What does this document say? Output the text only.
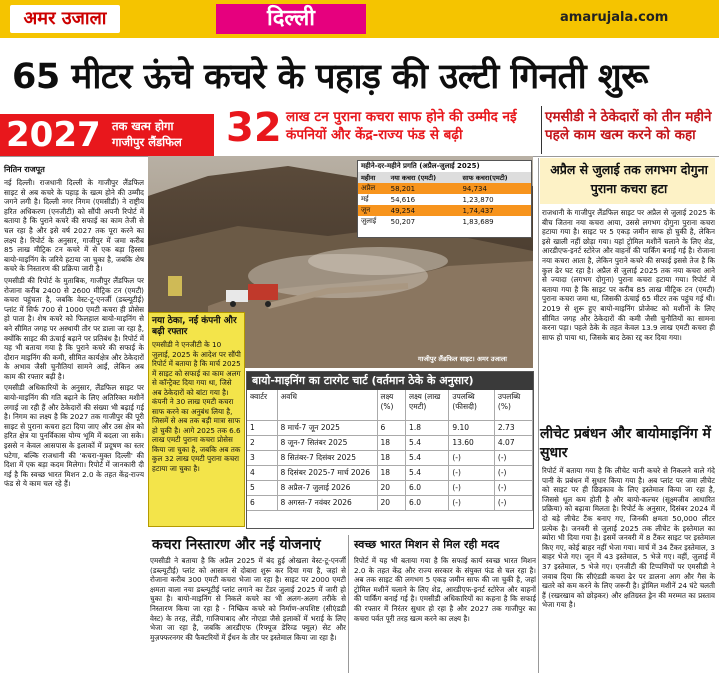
अमर उजाला	दिल्ली	amarujala.com
65 मीटर ऊंचे कचरे के पहाड़ की उल्टी गिनती शुरू
2027 तक खत्म होगा
गाजीपुर लैंडफिल 32 लाख टन पुराना कचरा साफ होने की उम्मीद नई कंपनियों और केंद्र-राज्य फंड से बढ़ी
एमसीडी ने ठेकेदारों को तीन महीने पहले काम खत्म करने को कहा
नितिन राजपूत

नई दिल्ली। राजधानी दिल्ली के गाजीपुर लैंडफिल साइट से अब कचरे के पहाड़ के खत्म होने की उम्मीद जगने लगी है। दिल्ली नगर निगम (एमसीडी) ने राष्ट्रीय हरित अधिकरण (एनजीटी) को सौंपी अपनी रिपोर्ट में बताया है कि पुराने कचरे की सफाई का काम तेजी से चल रहा है और इसे वर्ष 2027 तक पूरा करने का लक्ष्य है। रिपोर्ट के अनुसार, गाजीपुर में जमा करीब 85 लाख मीट्रिक टन कचरे में से एक बड़ा हिस्सा बायो-माइनिंग के जरिये हटाया जा चुका है, जबकि शेष कचरे के निस्तारण की प्रक्रिया जारी है।

एमसीडी की रिपोर्ट के मुताबिक, गाजीपुर लैंडफिल पर रोजाना करीब 2400 से 2600 मीट्रिक टन (एमटी) कचरा पहुंचता है, जबकि वेस्ट-टू-एनर्जी (डब्ल्यूटीई) प्लांट में सिर्फ 700 से 1000 एमटी कचरा ही प्रोसेस हो पाता है। शेष कचरे को फिलहाल बायो-माइनिंग से बने सीमित जगह पर अस्थायी तौर पर डाला जा रहा है, क्योंकि साइट की ऊंचाई बढ़ाने पर प्रतिबंध है। रिपोर्ट में यह भी बताया गया है कि पुराने कचरे की सफाई के दौरान माइनिंग की कमी, सीमित कार्यक्षेत्र और ठेकेदारों के अभाव जैसी चुनौतियां सामने आईं, लेकिन अब काम की रफ्तार बढ़ी है।

एमसीडी अधिकारियों के अनुसार, लैंडफिल साइट पर बायो-माइनिंग की गति बढ़ाने के लिए अतिरिक्त मशीनें लगाई जा रही हैं और ठेकेदारों की संख्या भी बढ़ाई गई है। निगम का लक्ष्य है कि 2027 तक गाजीपुर की पूरी साइट से पुराना कचरा हटा दिया जाए और उस क्षेत्र को हरित क्षेत्र या पुनर्विकास योग्य भूमि में बदला जा सके। इससे न केवल आसपास के इलाकों में प्रदूषण का स्तर घटेगा, बल्कि राजधानी की 'कचरा-मुक्त दिल्ली' की दिशा में एक बड़ा कदम मिलेगा। रिपोर्ट में जानकारी दी गई है कि स्वच्छ भारत मिशन 2.0 के तहत केंद्र-राज्य फंड से ये काम चल रहे हैं।

गाजीपुर लैंडफिल साइट। अमर उजाला
महीने-दर-महीने प्रगति (अप्रैल-जुलाई 2025)
महीना	नया कचरा (एमटी)	साफ कचरा(एमटी)
अप्रैल	58,201	94,734
मई	54,616	1,23,870
जून	49,254	1,74,437
जुलाई	50,207	1,83,689
नया ठेका, नई कंपनी और बढ़ी रफ्तार
एमसीडी ने एनजीटी के 10 जुलाई, 2025 के आदेश पर सौंपी रिपोर्ट में बताया है कि मार्च 2025 में साइट को सफाई का काम अलग से कॉन्ट्रैक्ट दिया गया था, जिसे अब ठेकेदारों को बांटा गया है। कंपनी ने 30 लाख एमटी कचरा साफ करने का अनुबंध लिया है, जिसमें से अब तक बड़ी मात्रा साफ हो चुकी है। आगे 2025 तक 6.6 लाख एमटी पुराना कचरा प्रोसेस किया जा चुका है, जबकि अब तक कुल 32 लाख एमटी पुराना कचरा हटाया जा चुका है।
बायो-माइनिंग का टारगेट चार्ट (वर्तमान ठेके के अनुसार)
क्वार्टर	अवधि	लक्ष्य (%)	लक्ष्य (लाख एमटी)	उपलब्धि (फीसदी)	उपलब्धि (%)
1	8 मार्च-7 जून 2025	6	1.8	9.10	2.73
2	8 जून-7 सितंबर 2025	18	5.4	13.60	4.07
3	8 सितंबर-7 दिसंबर 2025	18	5.4	(-)	(-)
4	8 दिसंबर 2025-7 मार्च 2026	18	5.4	(-)	(-)
5	8 अप्रैल-7 जुलाई 2026	20	6.0	(-)	(-)
6	8 अगस्त-7 नवंबर 2026	20	6.0	(-)	(-)
कचरा निस्तारण और नई योजनाएं
एमसीडी ने बताया है कि अप्रैल 2025 में बंद हुई ओखला वेस्ट-टू-एनर्जी (डब्ल्यूटीई) प्लांट को आसान से दोबारा शुरू कर दिया गया है, जहां से रोजाना करीब 300 एमटी कचरा भेजा जा रहा है। साइट पर 2000 एमटी क्षमता वाला नया डब्ल्यूटीई प्लांट लगाने का टेंडर जुलाई 2025 में जारी हो चुका है। बायो-माइनिंग से निकले कचरे का भी अलग-अलग तरीके से निस्तारण किया जा रहा है - निष्क्रिय कचरे को निर्माण-अपशिष्ट (सीएंडडी वेस्ट) के तरह, लेंडी, गाजियाबाद और नोएडा जैसे इलाकों में भराई के लिए भेजा जा रहा है, जबकि आरडीएफ (रिफ्यूज डेरिव्ड फ्यूल) सेट और मुज़फ्फरनगर की फैक्टरियों में ईंधन के तौर पर इस्तेमाल किया जा रहा है।
स्वच्छ भारत मिशन से मिल रही मदद
रिपोर्ट में यह भी बताया गया है कि सफाई कार्य स्वच्छ भारत मिशन 2.0 के तहत केंद्र और राज्य सरकार के संयुक्त फंड से चल रहा है। अब तक साइट की लगभग 5 एकड़ जमीन साफ की जा चुकी है, जहां ट्रोमिल मशीनें चलाने के लिए शेड, आरडीएफ-इनर्ट स्टोरेज और वाहनों की पार्किंग बनाई गई है। एमसीडी अधिकारियों का कहना है कि सफाई की रफ्तार में निरंतर सुधार हो रहा है और 2027 तक गाजीपुर का कचरा पर्वत पूरी तरह खत्म करने का लक्ष्य है।
अप्रैल से जुलाई तक लगभग दोगुना पुराना कचरा हटा
राजधानी के गाजीपुर लैंडफिल साइट पर अप्रैल से जुलाई 2025 के बीच जितना नया कचरा आया, उससे लगभग दोगुना पुराना कचरा हटाया गया है। साइट पर 5 एकड़ जमीन साफ हो चुकी है, लेकिन इसे खाली नहीं छोड़ा गया। यहां ट्रोमिल मशीनें चलाने के लिए शेड, आरडीएफ-इनर्ट स्टोरेज और वाहनों की पार्किंग बनाई गई है। रोजाना नया कचरा आता है, लेकिन पुराने कचरे की सफाई इससे तेज है कि कुल ढेर घट रहा है। अप्रैल से जुलाई 2025 तक नया कचरा आने से ज्यादा (लगभग दोगुना) पुराना कचरा हटाया गया। रिपोर्ट में बताया गया है कि साइट पर करीब 85 लाख मीट्रिक टन (एमटी) पुराना कचरा जमा था, जिसकी ऊंचाई 65 मीटर तक पहुंच गई थी। 2019 से शुरू हुए बायो-माइनिंग प्रोजेक्ट को मशीनों के लिए सीमित जगह और ठेकेदारों की कमी जैसी चुनौतियों का सामना करना पड़ा। पहले ठेके के तहत केवल 13.9 लाख एमटी कचरा ही साफ हो पाया था, जिसके बाद ठेका रद्द कर दिया गया।
लीचेट प्रबंधन और बायोमाइनिंग में सुधार
रिपोर्ट में बताया गया है कि लीचेट यानी कचरे से निकलने वाले गंदे पानी के प्रबंधन में सुधार किया गया है। अब प्लांट पर जमा लीचेट को साइट पर ही छिड़काव के लिए इस्तेमाल किया जा रहा है, जिससे धूल कम होती है और बायो-कल्चर (सूक्ष्मजीव आधारित प्रक्रिया) को बढ़ावा मिलता है। रिपोर्ट के अनुसार, दिसंबर 2024 में दो बड़े लीचेट टैंक बनाए गए, जिनकी क्षमता 50,000 लीटर प्रत्येक है। जनवरी से जुलाई 2025 तक लीचेट के इस्तेमाल का ब्योरा भी दिया गया है। इसमें जनवरी में 8 टैंकर साइट पर इस्तेमाल किए गए, कोई बाहर नहीं भेजा गया। मार्च में 34 टैंकर इस्तेमाल, 3 बाहर भेजे गए। जून में 43 इस्तेमाल, 5 भेजे गए। वहीं, जुलाई में 37 इस्तेमाल, 5 भेजे गए। एनजीटी की टिप्पणियों पर एमसीडी ने जवाब दिया कि सीएंडडी कचरा ढेर पर डालना आग और गैस के खतरे को कम करने के लिए जरूरी है। ड्रोमिल मशीनें 24 घंटे चलती हैं (रखरखाव को छोड़कर) और क्षतिग्रस्त ड्रेन की मरम्मत का प्रस्ताव भेजा गया है।
